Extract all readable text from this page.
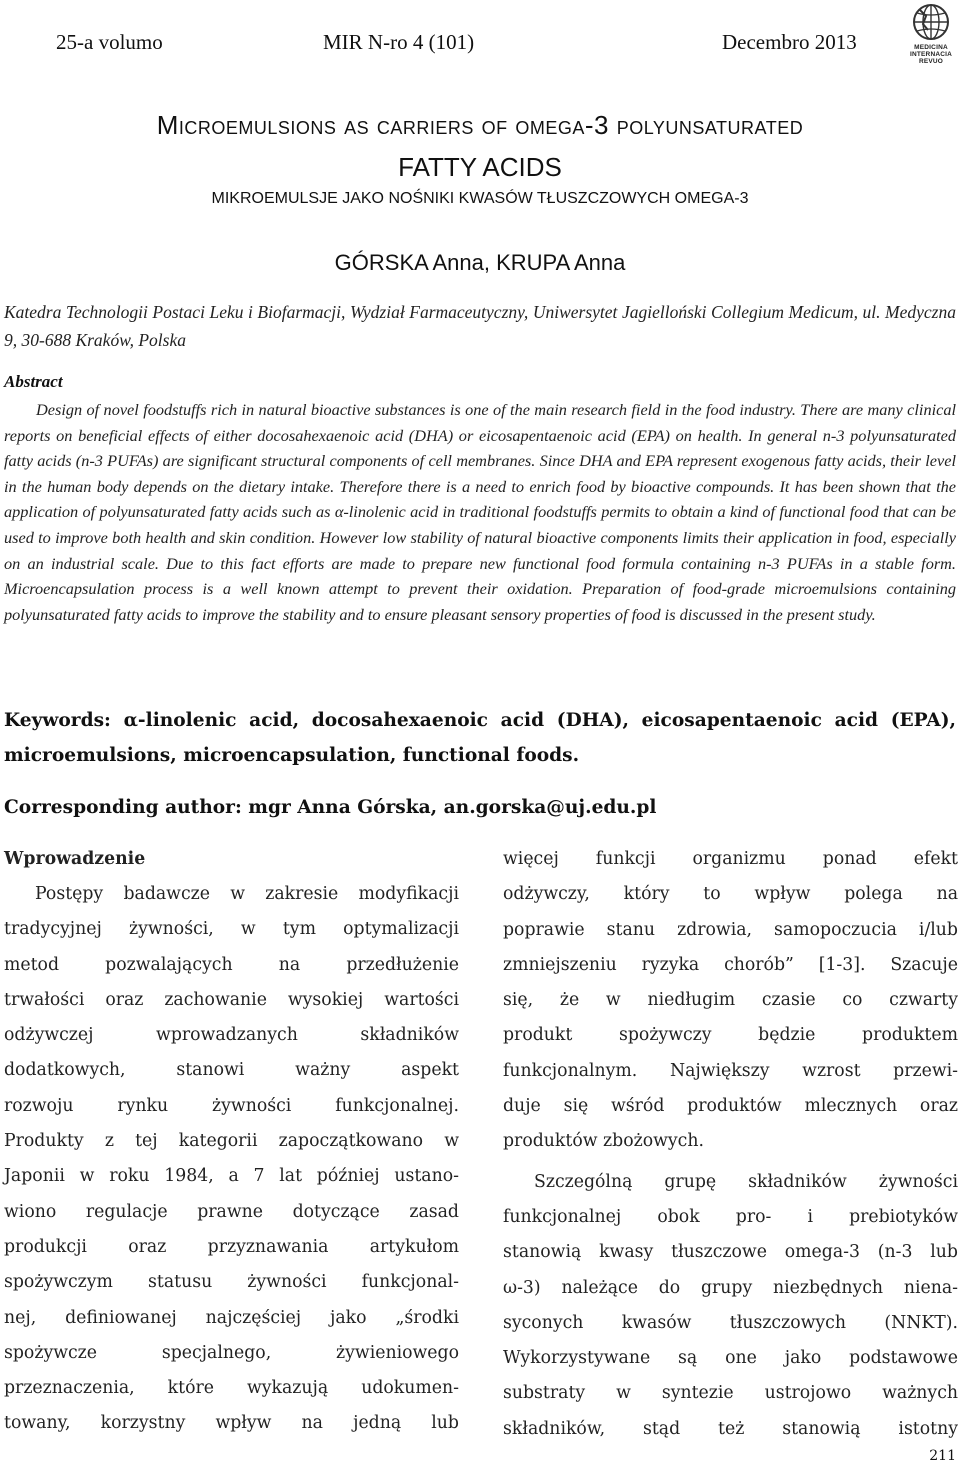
25-a volumo	MIR N-ro 4 (101)	Decembro 2013	MEDICINA INTERNACIA REVUO
Microemulsions as carriers of omega-3 polyunsaturated
FATTY ACIDS
MIKROEMULSJE JAKO NOŚNIKI KWASÓW TŁUSZCZOWYCH OMEGA-3
GÓRSKA Anna, KRUPA Anna
Katedra Technologii Postaci Leku i Biofarmacji, Wydział Farmaceutyczny, Uniwersytet Jagielloński Collegium Medicum, ul. Medyczna 9, 30-688 Kraków, Polska
Abstract
Design of novel foodstuffs rich in natural bioactive substances is one of the main research field in the food industry. There are many clinical reports on beneficial effects of either docosahexaenoic acid (DHA) or eicosapentaenoic acid (EPA) on health. In general n-3 polyunsaturated fatty acids (n-3 PUFAs) are significant structural components of cell membranes. Since DHA and EPA represent exogenous fatty acids, their level in the human body depends on the dietary intake. Therefore there is a need to enrich food by bioactive compounds. It has been shown that the application of polyunsaturated fatty acids such as α-linolenic acid in traditional foodstuffs permits to obtain a kind of functional food that can be used to improve both health and skin condition. However low stability of natural bioactive components limits their application in food, especially on an industrial scale. Due to this fact efforts are made to prepare new functional food formula containing n-3 PUFAs in a stable form. Microencapsulation process is a well known attempt to prevent their oxidation. Preparation of food-grade microemulsions containing polyunsaturated fatty acids to improve the stability and to ensure pleasant sensory properties of food is discussed in the present study.
Keywords: α-linolenic acid, docosahexaenoic acid (DHA), eicosapentaenoic acid (EPA), microemulsions, microencapsulation, functional foods.
Corresponding author: mgr Anna Górska, an.gorska@uj.edu.pl
Wprowadzenie
Postępy badawcze w zakresie modyfikacji
tradycyjnej żywności, w tym optymalizacji
metod pozwalających na przedłużenie
trwałości oraz zachowanie wysokiej wartości
odżywczej wprowadzanych składników
dodatkowych, stanowi ważny aspekt
rozwoju rynku żywności funkcjonalnej.
Produkty z tej kategorii zapoczątkowano w
Japonii w roku 1984, a 7 lat później ustano-
wiono regulacje prawne dotyczące zasad
produkcji oraz przyznawania artykułom
spożywczym statusu żywności funkcjonal-
nej, definiowanej najczęściej jako „środki
spożywcze specjalnego, żywieniowego
przeznaczenia, które wykazują udokumen-
towany, korzystny wpływ na jedną lub
więcej funkcji organizmu ponad efekt
odżywczy, który to wpływ polega na
poprawie stanu zdrowia, samopoczucia i/lub
zmniejszeniu ryzyka chorób” [1-3]. Szacuje
się, że w niedługim czasie co czwarty
produkt spożywczy będzie produktem
funkcjonalnym. Największy wzrost przewi-
duje się wśród produktów mlecznych oraz
produktów zbożowych.
Szczególną grupę składników żywności
funkcjonalnej obok pro- i prebiotyków
stanowią kwasy tłuszczowe omega-3 (n-3 lub
ω-3) należące do grupy niezbędnych niena-
syconych kwasów tłuszczowych (NNKT).
Wykorzystywane są one jako podstawowe
substraty w syntezie ustrojowo ważnych
składników, stąd też stanowią istotny
211
